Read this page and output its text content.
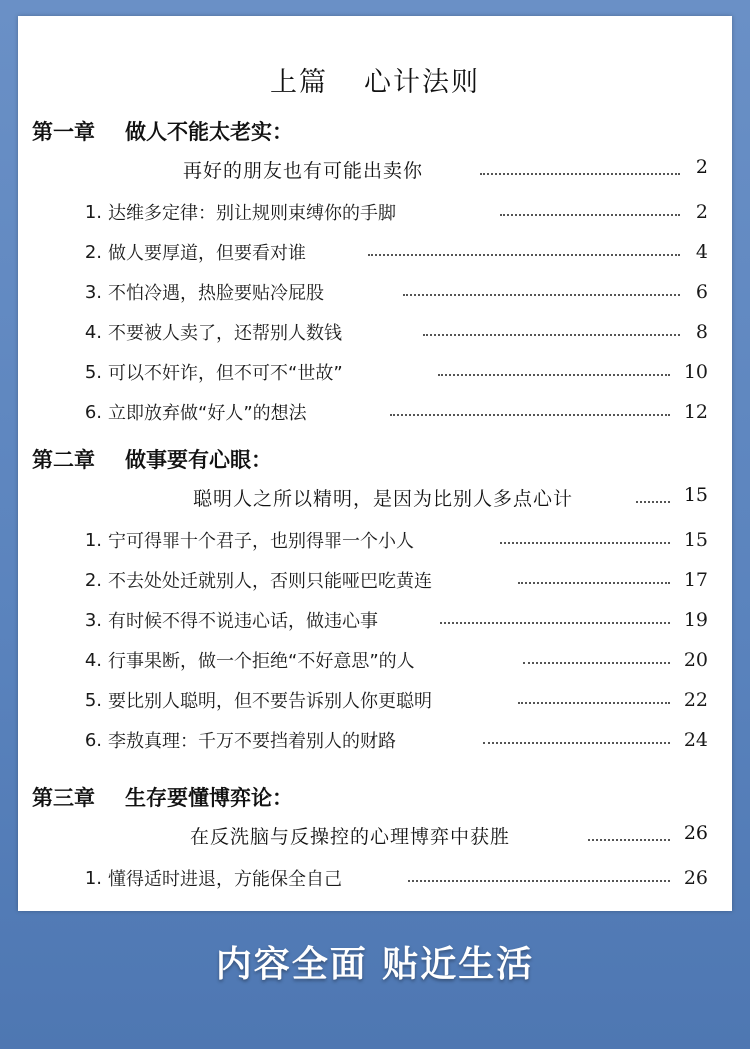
上篇 心计法则
第一章 做人不能太老实：
再好的朋友也有可能出卖你	2
1. 达维多定律：别让规则束缚你的手脚	2
2. 做人要厚道，但要看对谁	4
3. 不怕冷遇，热脸要贴冷屁股	6
4. 不要被人卖了，还帮别人数钱	8
5. 可以不奸诈，但不可不“世故”	10
6. 立即放弃做“好人”的想法	12
第二章 做事要有心眼：
聪明人之所以精明，是因为比别人多点心计	15
1. 宁可得罪十个君子，也别得罪一个小人	15
2. 不去处处迁就别人，否则只能哑巴吃黄连	17
3. 有时候不得不说违心话，做违心事	19
4. 行事果断，做一个拒绝“不好意思”的人	20
5. 要比别人聪明，但不要告诉别人你更聪明	22
6. 李敖真理：千万不要挡着别人的财路	24
第三章 生存要懂博弈论：
在反洗脑与反操控的心理博弈中获胜	26
1. 懂得适时进退，方能保全自己	26
内容全面 贴近生活
